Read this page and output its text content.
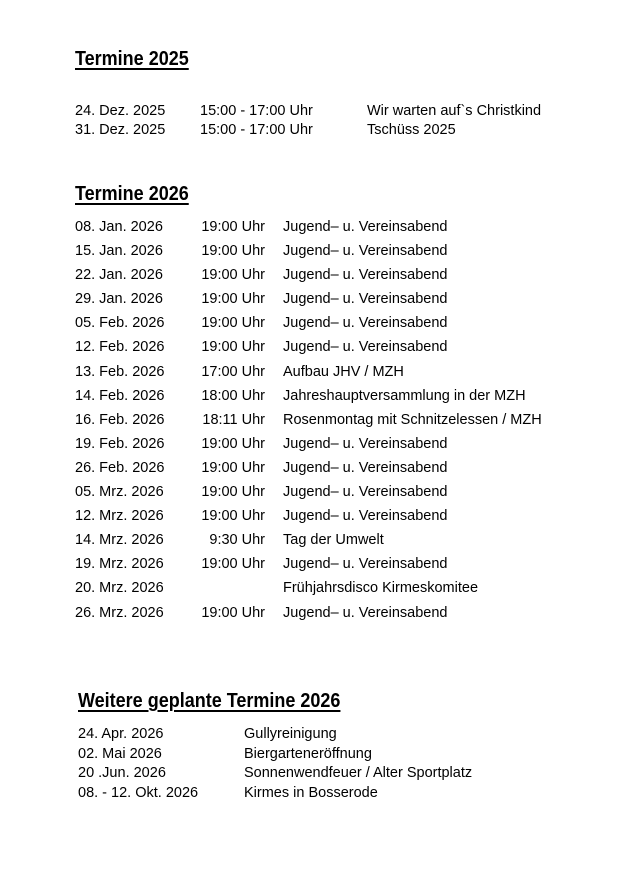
Termine 2025
24. Dez. 2025 15:00 - 17:00 Uhr	Wir warten auf`s Christkind
31. Dez. 2025 15:00 - 17:00 Uhr	Tschüss 2025
Termine 2026
08. Jan. 2026	19:00 Uhr Jugend– u. Vereinsabend
15. Jan. 2026	19:00 Uhr Jugend– u. Vereinsabend
22. Jan. 2026	19:00 Uhr Jugend– u. Vereinsabend
29. Jan. 2026	19:00 Uhr Jugend– u. Vereinsabend
05. Feb. 2026	19:00 Uhr Jugend– u. Vereinsabend
12. Feb. 2026	19:00 Uhr Jugend– u. Vereinsabend
13. Feb. 2026	17:00 Uhr Aufbau JHV / MZH
14. Feb. 2026	18:00 Uhr Jahreshauptversammlung in der MZH
16. Feb. 2026	18:11 Uhr Rosenmontag mit Schnitzelessen / MZH
19. Feb. 2026	19:00 Uhr Jugend– u. Vereinsabend
26. Feb. 2026	19:00 Uhr Jugend– u. Vereinsabend
05. Mrz. 2026	19:00 Uhr Jugend– u. Vereinsabend
12. Mrz. 2026	19:00 Uhr Jugend– u. Vereinsabend
14. Mrz. 2026	9:30 Uhr Tag der Umwelt
19. Mrz. 2026	19:00 Uhr Jugend– u. Vereinsabend
20. Mrz. 2026	Frühjahrsdisco Kirmeskomitee
26. Mrz. 2026	19:00 Uhr Jugend– u. Vereinsabend
Weitere geplante Termine 2026
24. Apr. 2026	Gullyreinigung
02. Mai 2026	Biergarteneröffnung
20 .Jun. 2026	Sonnenwendfeuer / Alter Sportplatz
08. - 12. Okt. 2026	Kirmes in Bosserode
